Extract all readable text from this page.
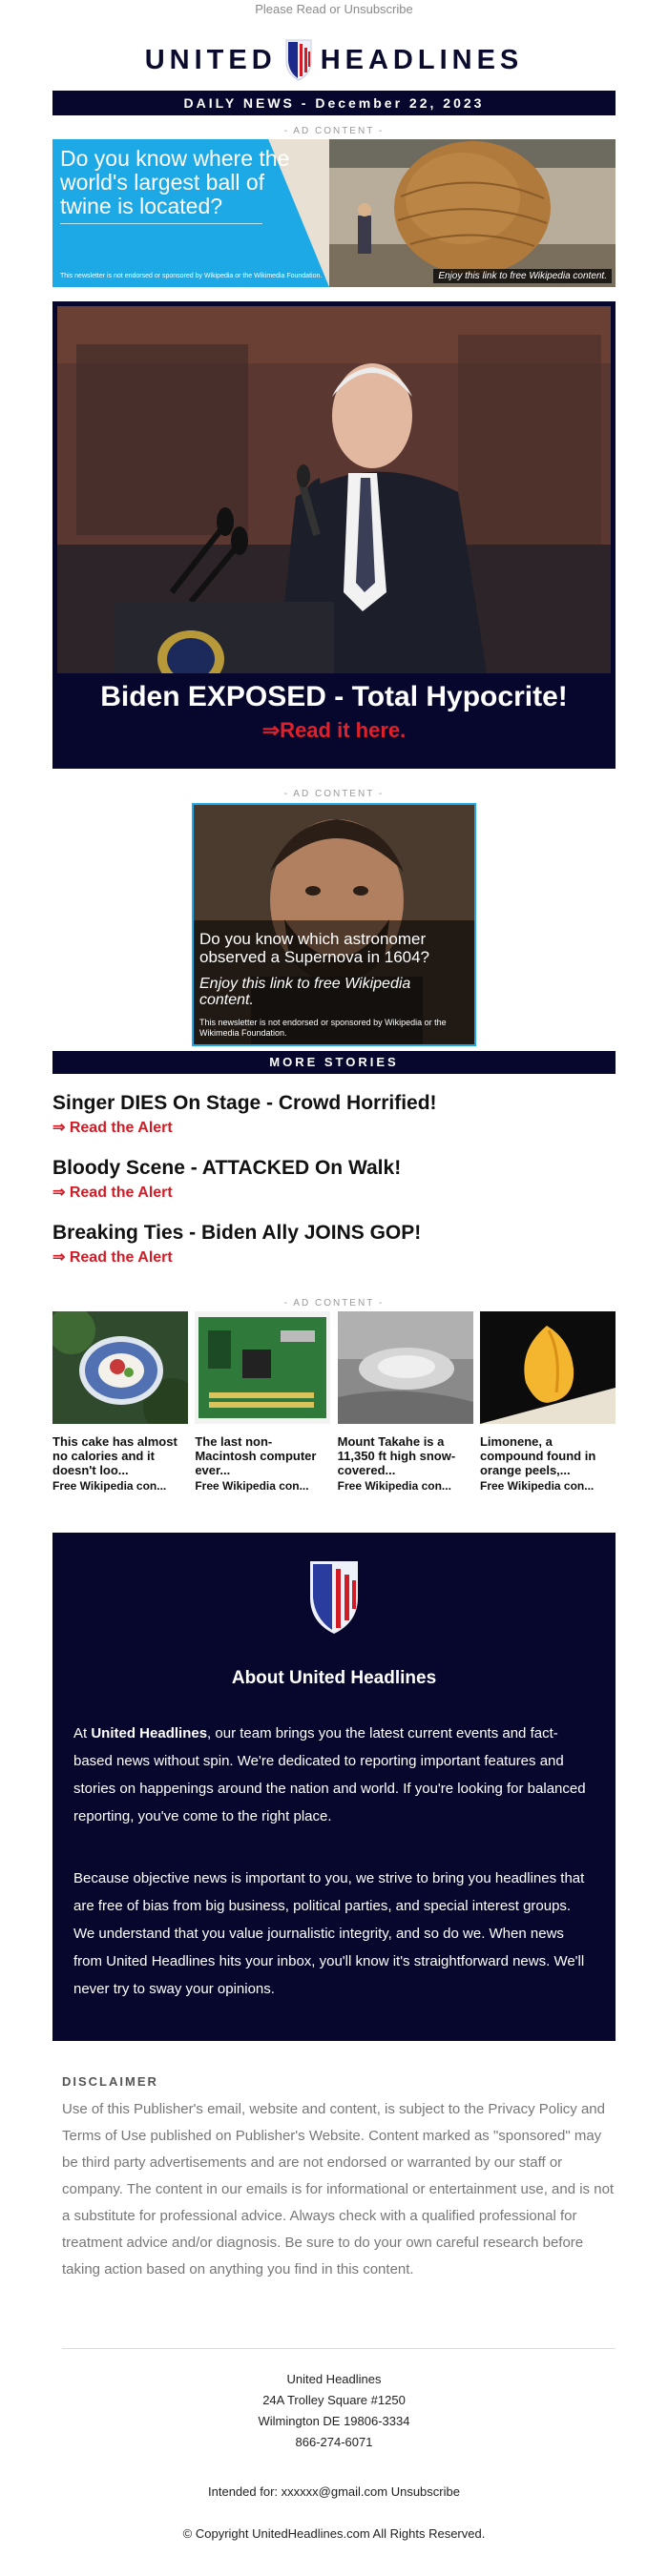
Please Read or Unsubscribe
UNITED HEADLINES
DAILY NEWS - December 22, 2023
- AD CONTENT -
Do you know where the world's largest ball of twine is located?
This newsletter is not endorsed or sponsored by Wikipedia or the Wikimedia Foundation.	Enjoy this link to free Wikipedia content.
Biden EXPOSED - Total Hypocrite!
⇒Read it here.
- AD CONTENT -
Do you know which astronomer observed a Supernova in 1604?
Enjoy this link to free Wikipedia content.
This newsletter is not endorsed or sponsored by Wikipedia or the Wikimedia Foundation.
MORE STORIES
Singer DIES On Stage - Crowd Horrified!
⇒ Read the Alert
Bloody Scene - ATTACKED On Walk!
⇒ Read the Alert
Breaking Ties - Biden Ally JOINS GOP!
⇒ Read the Alert
- AD CONTENT -
This cake has almost no calories and it doesn't loo...
Free Wikipedia con...
The last non-Macintosh computer ever...
Free Wikipedia con...
Mount Takahe is a 11,350 ft high snow-covered...
Free Wikipedia con...
Limonene, a compound found in orange peels,...
Free Wikipedia con...
About United Headlines
At United Headlines, our team brings you the latest current events and fact-based news without spin. We're dedicated to reporting important features and stories on happenings around the nation and world. If you're looking for balanced reporting, you've come to the right place.
Because objective news is important to you, we strive to bring you headlines that are free of bias from big business, political parties, and special interest groups. We understand that you value journalistic integrity, and so do we. When news from United Headlines hits your inbox, you'll know it's straightforward news. We'll never try to sway your opinions.
DISCLAIMER
Use of this Publisher's email, website and content, is subject to the Privacy Policy and Terms of Use published on Publisher's Website. Content marked as "sponsored" may be third party advertisements and are not endorsed or warranted by our staff or company. The content in our emails is for informational or entertainment use, and is not a substitute for professional advice. Always check with a qualified professional for treatment advice and/or diagnosis. Be sure to do your own careful research before taking action based on anything you find in this content.
United Headlines
24A Trolley Square #1250
Wilmington DE 19806-3334
866-274-6071
Intended for: xxxxxx@gmail.com Unsubscribe
© Copyright UnitedHeadlines.com All Rights Reserved.
